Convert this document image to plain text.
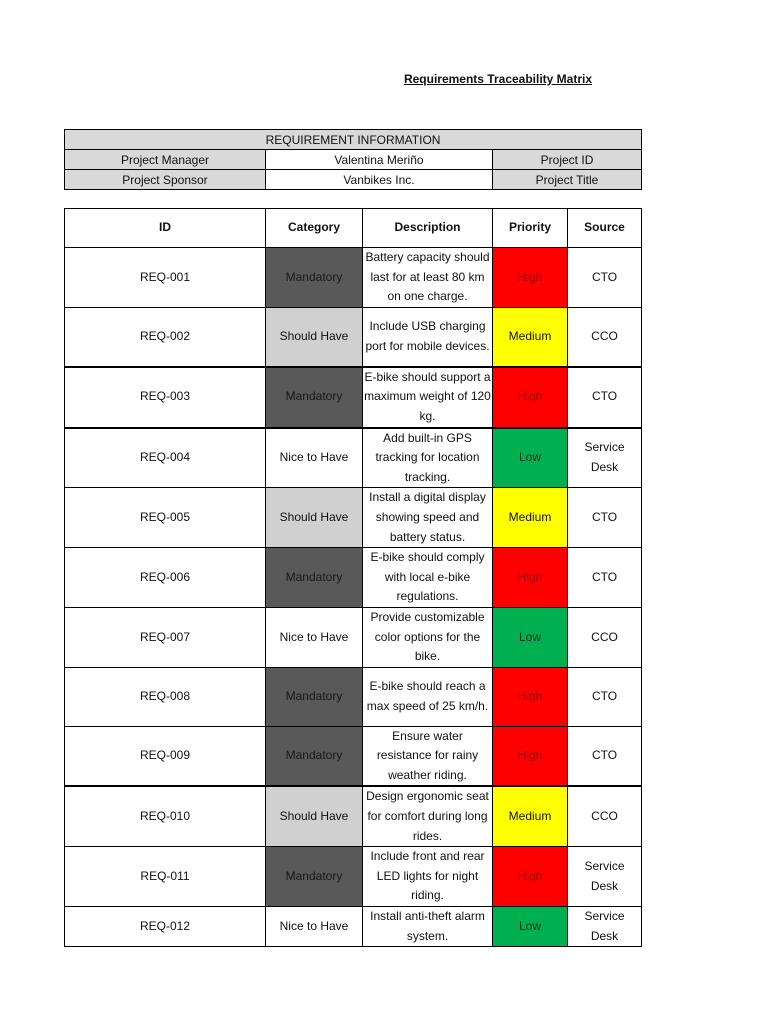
Requirements Traceability Matrix
REQUIREMENT INFORMATION		
Project Manager	Valentina Meriño	Project ID
Project Sponsor	Vanbikes Inc.	Project Title
ID	Category	Description	Priority	Source
REQ-001	Mandatory	Battery capacity should last for at least 80 km on one charge.	High	CTO
REQ-002	Should Have	Include USB charging port for mobile devices.	Medium	CCO
REQ-003	Mandatory	E-bike should support a maximum weight of 120 kg.	High	CTO
REQ-004	Nice to Have	Add built-in GPS tracking for location tracking.	Low	Service Desk
REQ-005	Should Have	Install a digital display showing speed and battery status.	Medium	CTO
REQ-006	Mandatory	E-bike should comply with local e-bike regulations.	High	CTO
REQ-007	Nice to Have	Provide customizable color options for the bike.	Low	CCO
REQ-008	Mandatory	E-bike should reach a max speed of 25 km/h.	High	CTO
REQ-009	Mandatory	Ensure water resistance for rainy weather riding.	High	CTO
REQ-010	Should Have	Design ergonomic seat for comfort during long rides.	Medium	CCO
REQ-011	Mandatory	Include front and rear LED lights for night riding.	High	Service Desk
REQ-012	Nice to Have	Install anti-theft alarm system.	Low	Service Desk
